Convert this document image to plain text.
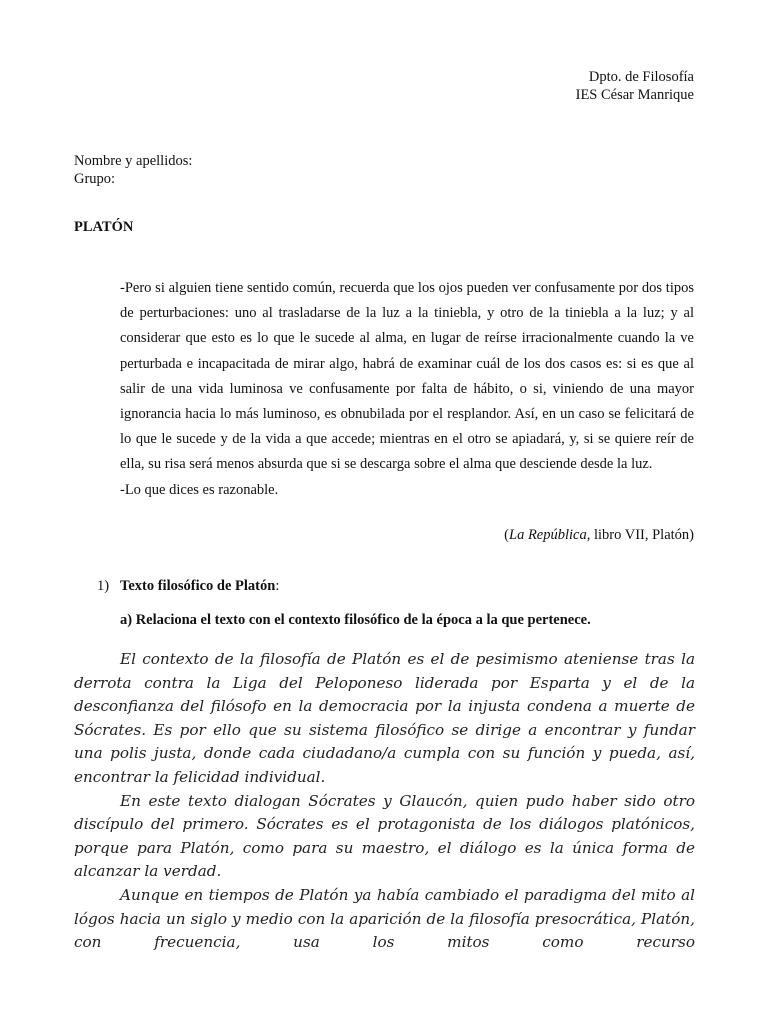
Dpto. de Filosofía
IES César Manrique
Nombre y apellidos:
Grupo:
PLATÓN

-Pero si alguien tiene sentido común, recuerda que los ojos pueden ver confusamente por dos tipos de perturbaciones: uno al trasladarse de la luz a la tiniebla, y otro de la tiniebla a la luz; y al considerar que esto es lo que le sucede al alma, en lugar de reírse irracionalmente cuando la ve perturbada e incapacitada de mirar algo, habrá de examinar cuál de los dos casos es: si es que al salir de una vida luminosa ve confusamente por falta de hábito, o si, viniendo de una mayor ignorancia hacia lo más luminoso, es obnubilada por el resplandor. Así, en un caso se felicitará de lo que le sucede y de la vida a que accede; mientras en el otro se apiadará, y, si se quiere reír de ella, su risa será menos absurda que si se descarga sobre el alma que desciende desde la luz.

-Lo que dices es razonable.

(La República, libro VII, Platón)
1) Texto filosófico de Platón:
a) Relaciona el texto con el contexto filosófico de la época a la que pertenece.

El contexto de la filosofía de Platón es el de pesimismo ateniense tras la derrota contra la Liga del Peloponeso liderada por Esparta y el de la desconfianza del filósofo en la democracia por la injusta condena a muerte de Sócrates. Es por ello que su sistema filosófico se dirige a encontrar y fundar una polis justa, donde cada ciudadano/a cumpla con su función y pueda, así, encontrar la felicidad individual.

En este texto dialogan Sócrates y Glaucón, quien pudo haber sido otro discípulo del primero. Sócrates es el protagonista de los diálogos platónicos, porque para Platón, como para su maestro, el diálogo es la única forma de alcanzar la verdad.

Aunque en tiempos de Platón ya había cambiado el paradigma del mito al lógos hacia un siglo y medio con la aparición de la filosofía presocrática, Platón, con frecuencia, usa los mitos como recurso
